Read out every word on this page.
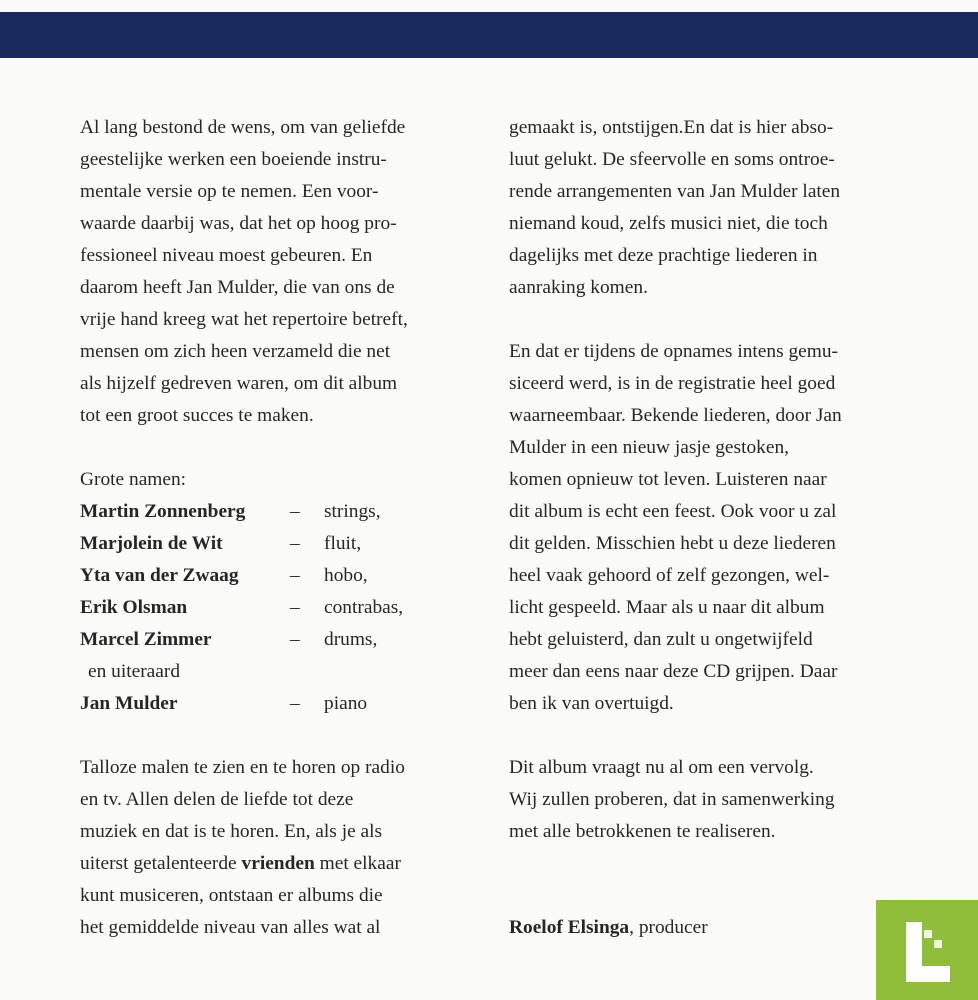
Al lang bestond de wens, om van geliefde
geestelijke werken een boeiende instru-
mentale versie op te nemen. Een voor-
waarde daarbij was, dat het op hoog pro-
fessioneel niveau moest gebeuren. En
daarom heeft Jan Mulder, die van ons de
vrije hand kreeg wat het repertoire betreft,
mensen om zich heen verzameld die net
als hijzelf gedreven waren, om dit album
tot een groot succes te maken.

Grote namen:
Martin Zonnenberg	–	strings,
Marjolein de Wit	–	fluit,
Yta van der Zwaag	–	hobo,
Erik Olsman	–	contrabas,
Marcel Zimmer	–	drums,
en uiteraard
Jan Mulder	–	piano

Talloze malen te zien en te horen op radio
en tv. Allen delen de liefde tot deze
muziek en dat is te horen. En, als je als
uiterst getalenteerde vrienden met elkaar
kunt musiceren, ontstaan er albums die
het gemiddelde niveau van alles wat al

gemaakt is, ontstijgen.En dat is hier abso-
luut gelukt. De sfeervolle en soms ontroe-
rende arrangementen van Jan Mulder laten
niemand koud, zelfs musici niet, die toch
dagelijks met deze prachtige liederen in
aanraking komen.

En dat er tijdens de opnames intens gemu-
siceerd werd, is in de registratie heel goed
waarneembaar. Bekende liederen, door Jan
Mulder in een nieuw jasje gestoken,
komen opnieuw tot leven. Luisteren naar
dit album is echt een feest. Ook voor u zal
dit gelden. Misschien hebt u deze liederen
heel vaak gehoord of zelf gezongen, wel-
licht gespeeld. Maar als u naar dit album
hebt geluisterd, dan zult u ongetwijfeld
meer dan eens naar deze CD grijpen. Daar
ben ik van overtuigd.

Dit album vraagt nu al om een vervolg.
Wij zullen proberen, dat in samenwerking
met alle betrokkenen te realiseren.

Roelof Elsinga, producer
